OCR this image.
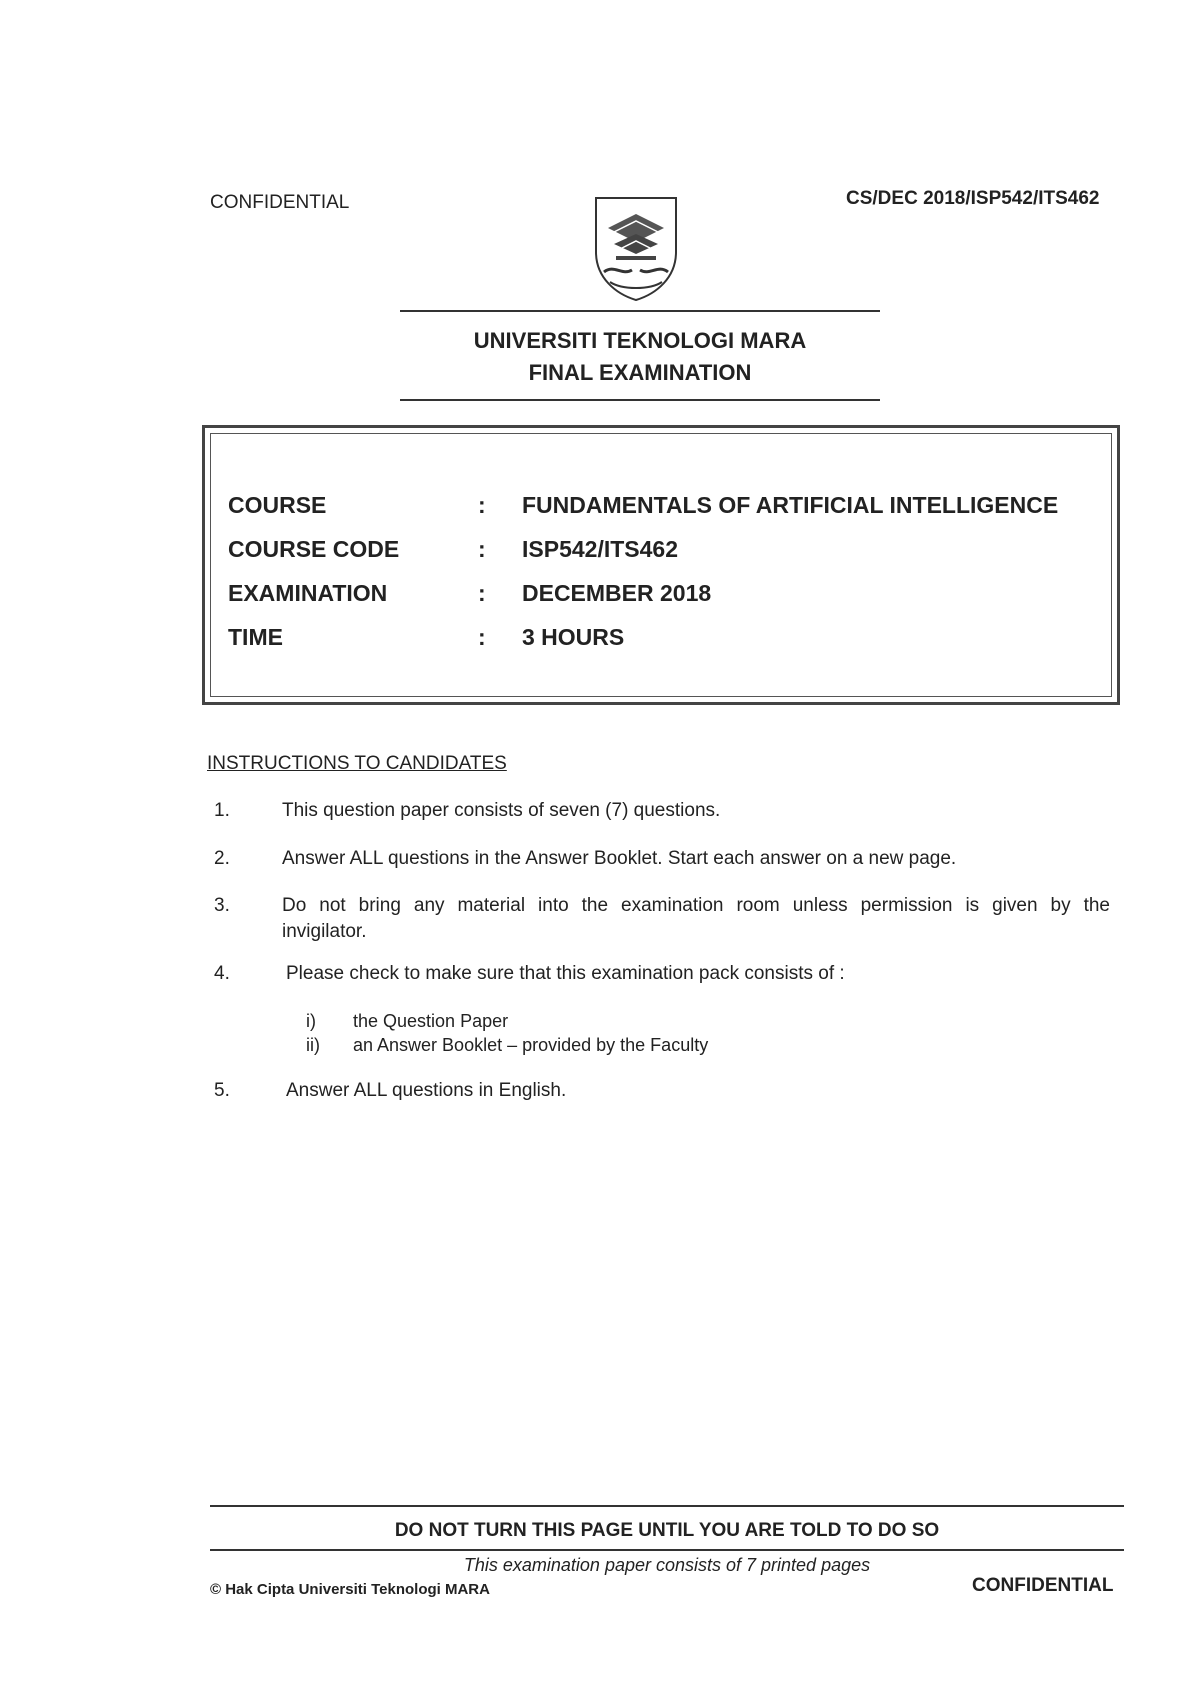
CONFIDENTIAL	CS/DEC 2018/ISP542/ITS462
UNIVERSITI TEKNOLOGI MARA
FINAL EXAMINATION
COURSE	: FUNDAMENTALS OF ARTIFICIAL INTELLIGENCE
COURSE CODE	: ISP542/ITS462
EXAMINATION	: DECEMBER 2018
TIME	: 3 HOURS
INSTRUCTIONS TO CANDIDATES
1.	This question paper consists of seven (7) questions.
2.	Answer ALL questions in the Answer Booklet. Start each answer on a new page.
3.	Do not bring any material into the examination room unless permission is given by the
invigilator.
4.	Please check to make sure that this examination pack consists of :
i) the Question Paper
ii) an Answer Booklet – provided by the Faculty
5.	Answer ALL questions in English.
DO NOT TURN THIS PAGE UNTIL YOU ARE TOLD TO DO SO
This examination paper consists of 7 printed pages
© Hak Cipta Universiti Teknologi MARA	CONFIDENTIAL
